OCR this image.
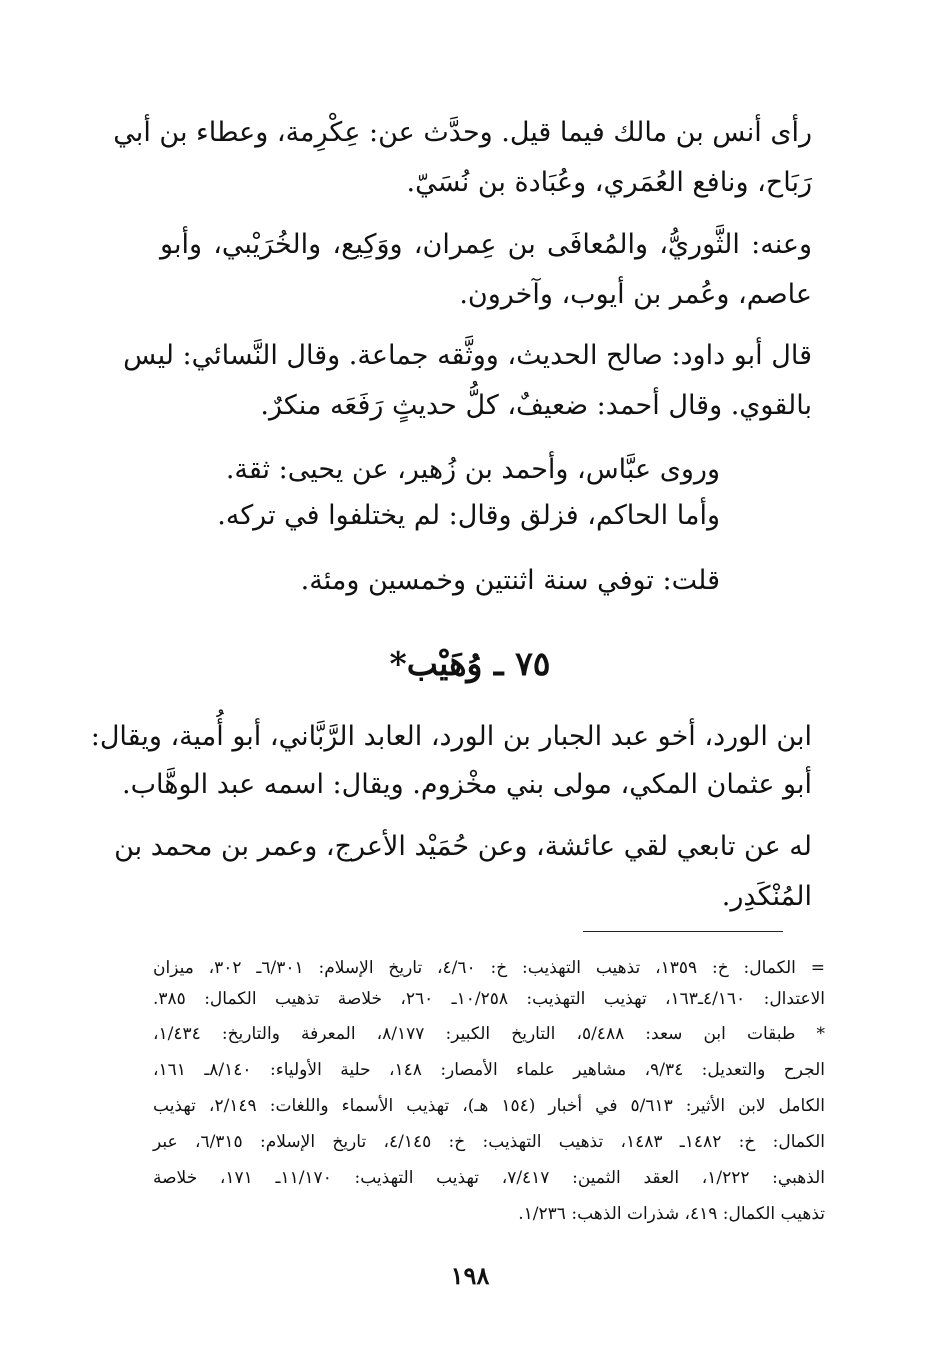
رأى أنس بن مالك فيما قيل. وحدَّث عن: عِكْرِمة، وعطاء بن أبي
رَبَاح، ونافع العُمَري، وعُبَادة بن نُسَيّ.
وعنه: الثَّوريُّ، والمُعافَى بن عِمران، ووَكِيع، والخُرَيْبي، وأبو
عاصم، وعُمر بن أيوب، وآخرون.
قال أبو داود: صالح الحديث، ووثَّقه جماعة. وقال النَّسائي: ليس
بالقوي. وقال أحمد: ضعيفٌ، كلُّ حديثٍ رَفَعَه منكرٌ.
وروى عبَّاس، وأحمد بن زُهير، عن يحيى: ثقة.
وأما الحاكم، فزلق وقال: لم يختلفوا في تركه.
قلت: توفي سنة اثنتين وخمسين ومئة.
٧٥ ـ وُهَيْب*
ابن الورد، أخو عبد الجبار بن الورد، العابد الرَّبَّاني، أبو أُمية، ويقال:
أبو عثمان المكي، مولى بني مخْزوم. ويقال: اسمه عبد الوهَّاب.
له عن تابعي لقي عائشة، وعن حُمَيْد الأعرج، وعمر بن محمد بن
المُنْكَدِر.
= الكمال: خ: ١٣٥٩، تذهيب التهذيب: خ: ٤/٦٠، تاريخ الإسلام: ٦/٣٠١ـ ٣٠٢، ميزان
الاعتدال: ٤/١٦٠ـ١٦٣، تهذيب التهذيب: ١٠/٢٥٨ـ ٢٦٠، خلاصة تذهيب الكمال: ٣٨٥.
* طبقات ابن سعد: ٥/٤٨٨، التاريخ الكبير: ٨/١٧٧، المعرفة والتاريخ: ١/٤٣٤،
الجرح والتعديل: ٩/٣٤، مشاهير علماء الأمصار: ١٤٨، حلية الأولياء: ٨/١٤٠ـ ١٦١،
الكامل لابن الأثير: ٥/٦١٣ في أخبار (١٥٤ هـ)، تهذيب الأسماء واللغات: ٢/١٤٩، تهذيب
الكمال: خ: ١٤٨٢ـ ١٤٨٣، تذهيب التهذيب: خ: ٤/١٤٥، تاريخ الإسلام: ٦/٣١٥، عبر
الذهبي: ١/٢٢٢، العقد الثمين: ٧/٤١٧، تهذيب التهذيب: ١١/١٧٠ـ ١٧١، خلاصة
تذهيب الكمال: ٤١٩، شذرات الذهب: ١/٢٣٦.
١٩٨
